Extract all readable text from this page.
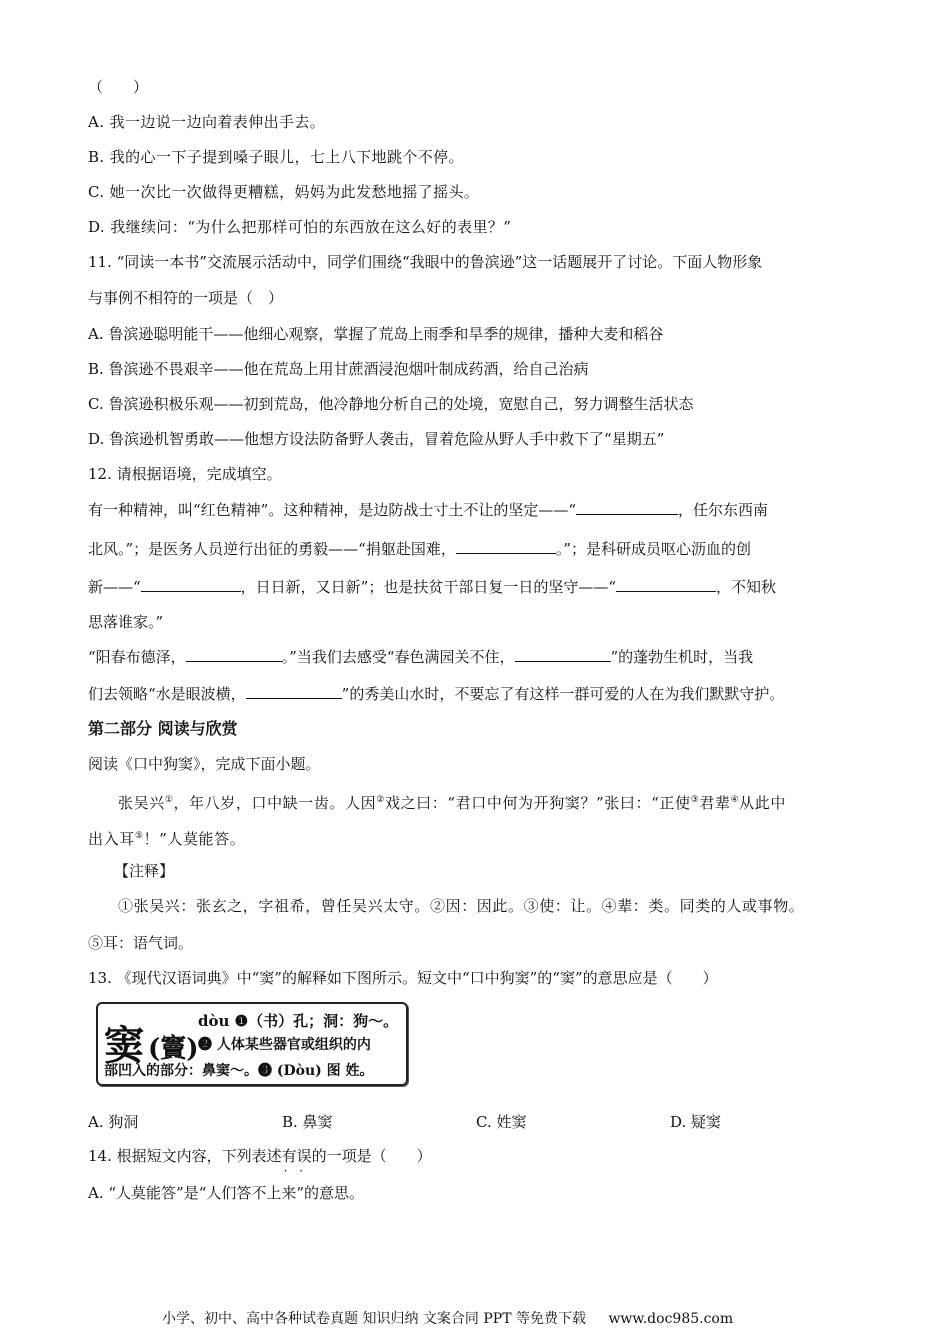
（　　）
A. 我一边说一边向着表伸出手去。
B. 我的心一下子提到嗓子眼儿，七上八下地跳个不停。
C. 她一次比一次做得更糟糕，妈妈为此发愁地摇了摇头。
D. 我继续问：“为什么把那样可怕的东西放在这么好的表里？”
11. “同读一本书”交流展示活动中，同学们围绕“我眼中的鲁滨逊”这一话题展开了讨论。下面人物形象
与事例不相符的一项是（　）
A. 鲁滨逊聪明能干——他细心观察，掌握了荒岛上雨季和旱季的规律，播种大麦和稻谷
B. 鲁滨逊不畏艰辛——他在荒岛上用甘蔗酒浸泡烟叶制成药酒，给自己治病
C. 鲁滨逊积极乐观——初到荒岛，他冷静地分析自己的处境，宽慰自己，努力调整生活状态
D. 鲁滨逊机智勇敢——他想方设法防备野人袭击，冒着危险从野人手中救下了“星期五”
12. 请根据语境，完成填空。
有一种精神，叫“红色精神”。这种精神，是边防战士寸土不让的坚定——“	，任尔东西南
北风。”；是医务人员逆行出征的勇毅——“捐躯赴国难，	。”；是科研成员呕心沥血的创
新——“	，日日新，又日新”；也是扶贫干部日复一日的坚守——“	，不知秋
思落谁家。”
“阳春布德泽，	。”当我们去感受“春色满园关不住，	”的蓬勃生机时，当我
们去领略“水是眼波横，	”的秀美山水时，不要忘了有这样一群可爱的人在为我们默默守护。
第二部分 阅读与欣赏
阅读《口中狗窦》，完成下面小题。
张吴兴①，年八岁，口中缺一齿。人因②戏之曰：“君口中何为开狗窦？”张曰：“正使③君辈④从此中
出入耳⑤！”人莫能答。
【注释】
①张吴兴：张玄之，字祖希，曾任吴兴太守。②因：因此。③使：让。④辈：类。同类的人或事物。
⑤耳：语气词。
13. 《现代汉语词典》中“窦”的解释如下图所示。短文中“口中狗窦”的“窦”的意思应是（　　）
窦 (竇)
dòu ❶（书）孔；洞：狗～。
❷ 人体某些器官或组织的内
部凹入的部分：鼻窦～。❸ (Dòu) 图 姓。
A. 狗洞	B. 鼻窦	C. 姓窦	D. 疑窦
14. 根据短文内容，下列表述有误 · ·的一项是（　　）
A. “人莫能答”是“人们答不上来”的意思。
小学、初中、高中各种试卷真题 知识归纳 文案合同 PPT 等免费下载 www.doc985.com
